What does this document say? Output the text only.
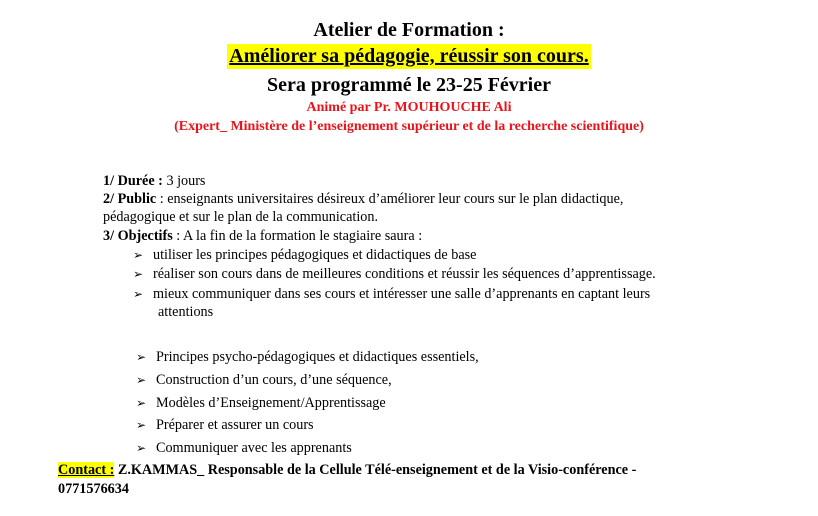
Atelier de Formation :
Améliorer sa pédagogie, réussir son cours.
Sera programmé le 23-25 Février
Animé par Pr. MOUHOUCHE Ali
(Expert_ Ministère de l’enseignement supérieur et de la recherche scientifique)
1/ Durée : 3 jours
2/ Public : enseignants universitaires désireux d’améliorer leur cours sur le plan didactique,
pédagogique et sur le plan de la communication.
3/ Objectifs : A la fin de la formation le stagiaire saura :
➢ utiliser les principes pédagogiques et didactiques de base
➢ réaliser son cours dans de meilleures conditions et réussir les séquences d’apprentissage.
➢ mieux communiquer dans ses cours et intéresser une salle d’apprenants en captant leurs
attentions
➢ Principes psycho-pédagogiques et didactiques essentiels,
➢ Construction d’un cours, d’une séquence,
➢ Modèles d’Enseignement/Apprentissage
➢ Préparer et assurer un cours
➢ Communiquer avec les apprenants
Contact : Z.KAMMAS_ Responsable de la Cellule Télé-enseignement et de la Visio-conférence -
0771576634
